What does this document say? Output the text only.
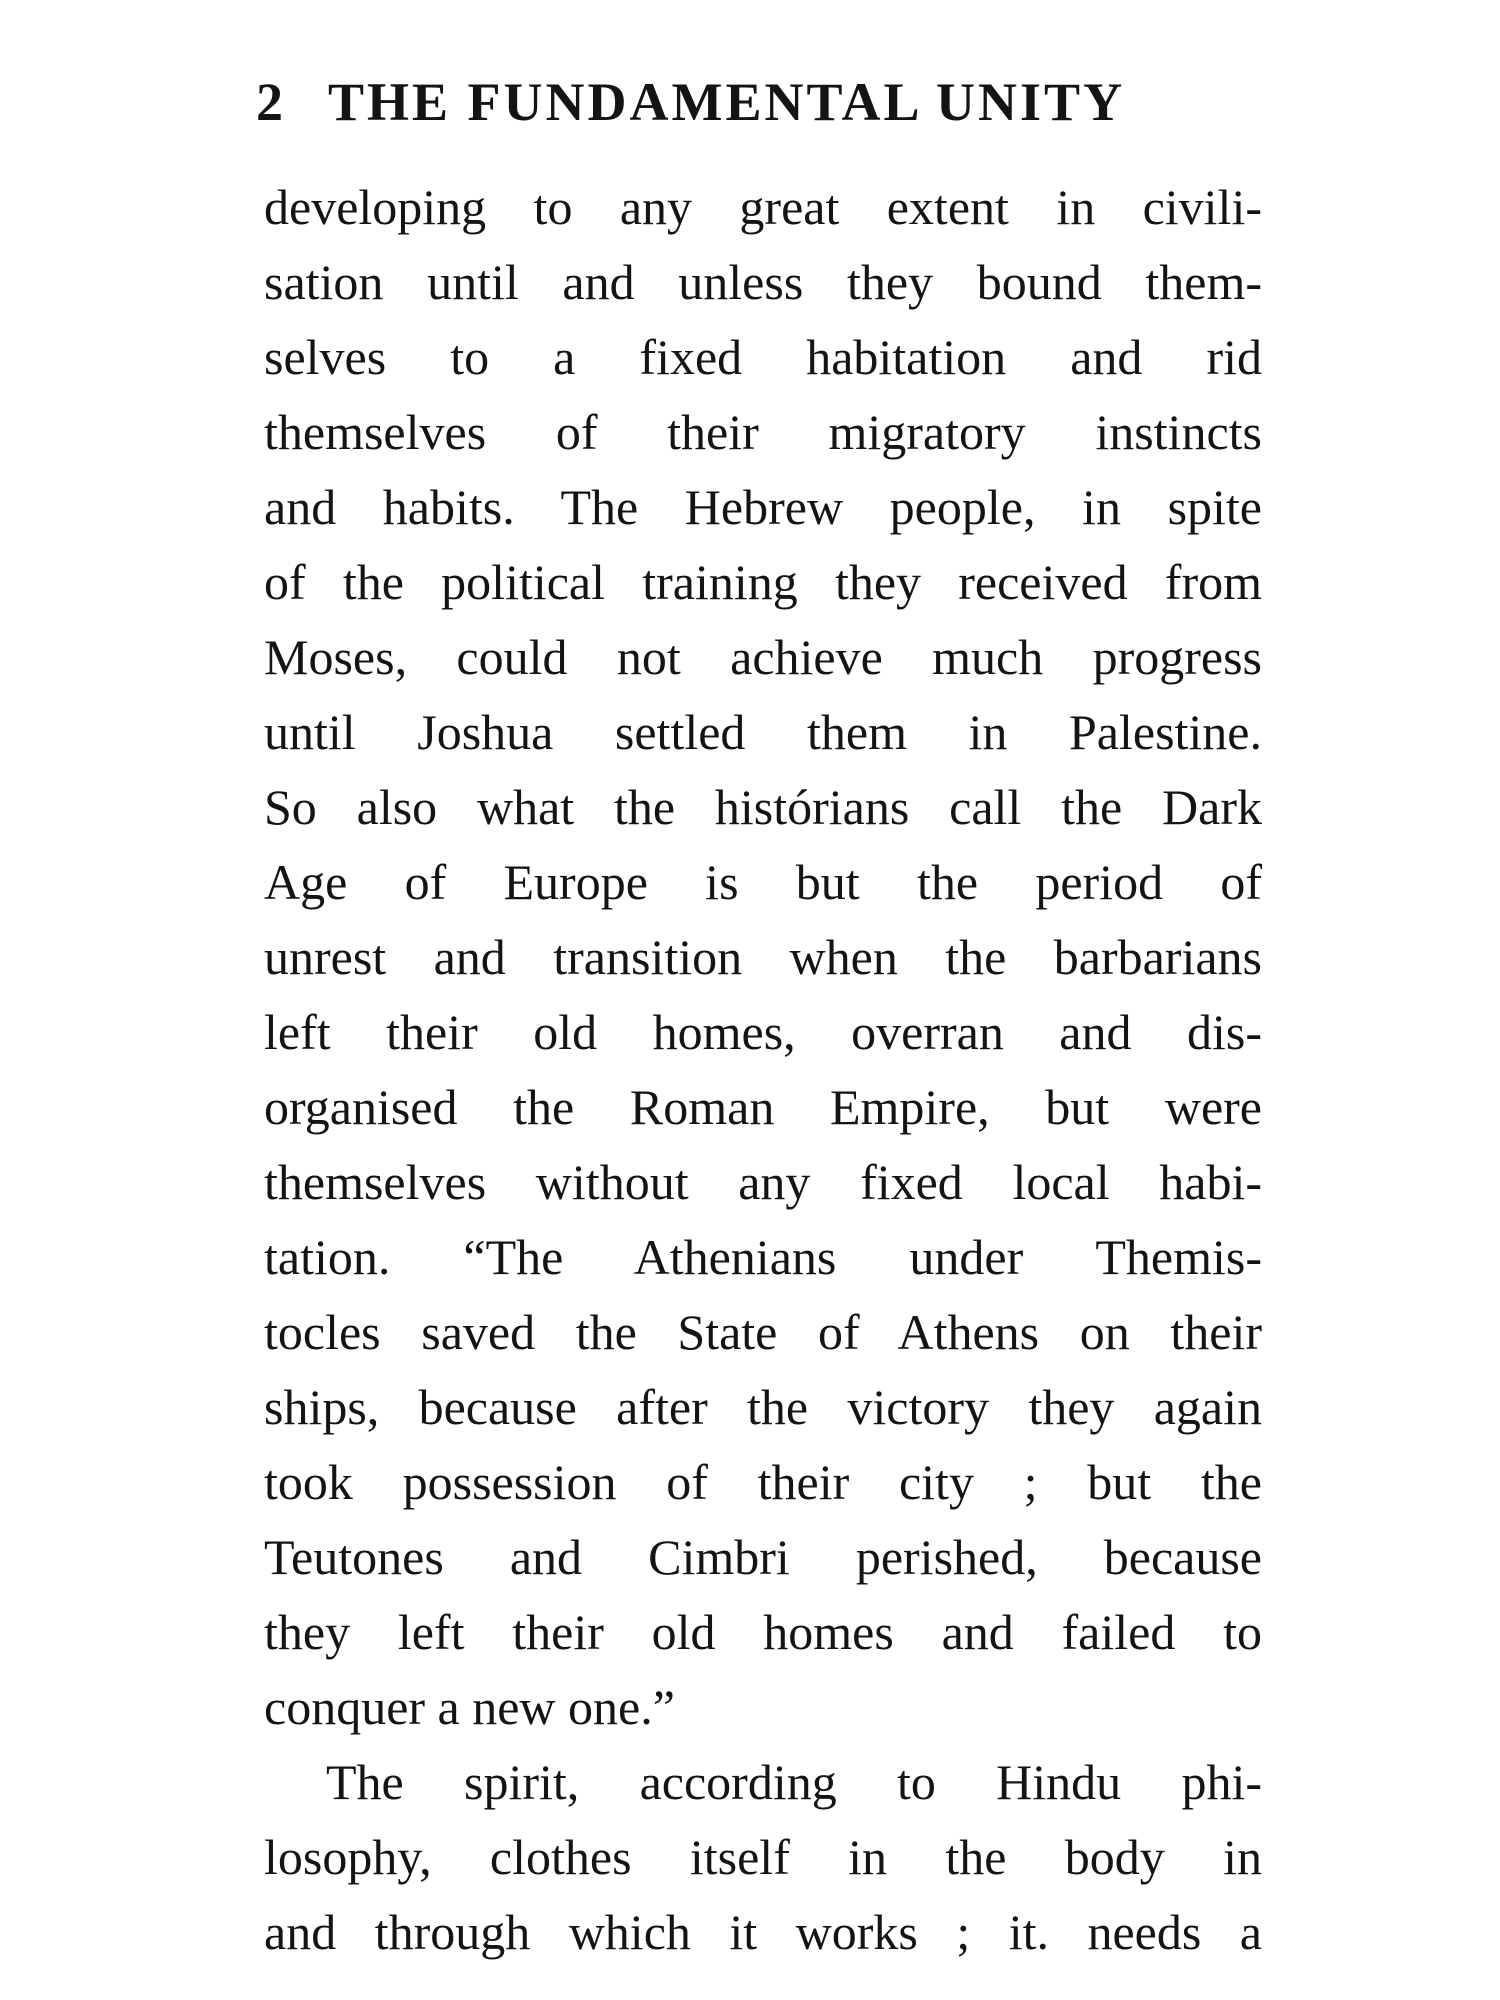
2 THE FUNDAMENTAL UNITY
developing to any great extent in civili-
sation until and unless they bound them-
selves to a fixed habitation and rid
themselves of their migratory instincts
and habits. The Hebrew people, in spite
of the political training they received from
Moses, could not achieve much progress
until Joshua settled them in Palestine.
So also what the histórians call the Dark
Age of Europe is but the period of
unrest and transition when the barbarians
left their old homes, overran and dis-
organised the Roman Empire, but were
themselves without any fixed local habi-
tation. “The Athenians under Themis-
tocles saved the State of Athens on their
ships, because after the victory they again
took possession of their city ; but the
Teutones and Cimbri perished, because
they left their old homes and failed to
conquer a new one.”
The spirit, according to Hindu phi-
losophy, clothes itself in the body in
and through which it works ; it. needs a
